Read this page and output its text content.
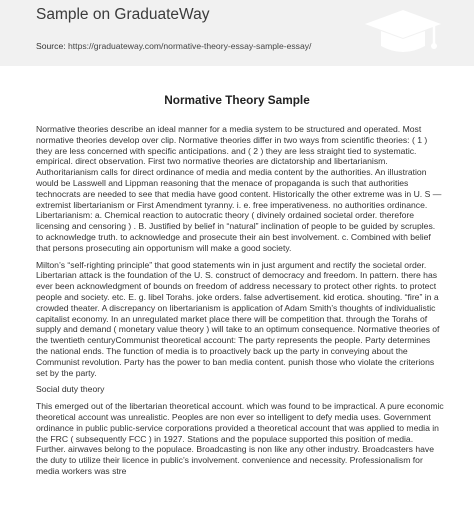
Sample on GraduateWay
Source: https://graduateway.com/normative-theory-essay-sample-essay/
Normative Theory Sample

Normative theories describe an ideal manner for a media system to be structured and operated. Most normative theories develop over clip. Normative theories differ in two ways from scientific theories: ( 1 ) they are less concerned with specific anticipations. and ( 2 ) they are less straight tied to systematic. empirical. direct observation. First two normative theories are dictatorship and libertarianism. Authoritarianism calls for direct ordinance of media and media content by the authorities. An illustration would be Lasswell and Lippman reasoning that the menace of propaganda is such that authorities technocrats are needed to see that media have good content. Historically the other extreme was in U. S — extremist libertarianism or First Amendment tyranny. i. e. free imperativeness. no authorities ordinance. Libertarianism: a. Chemical reaction to autocratic theory ( divinely ordained societal order. therefore licensing and censoring ) . B. Justified by belief in “natural” inclination of people to be guided by scruples. to acknowledge truth. to acknowledge and prosecute their ain best involvement. c. Combined with belief that persons prosecuting ain opportunism will make a good society.

Milton’s “self-righting principle” that good statements win in just argument and rectify the societal order. Libertarian attack is the foundation of the U. S. construct of democracy and freedom. In pattern. there has ever been acknowledgment of bounds on freedom of address necessary to protect other rights. to protect people and society. etc. E. g. libel Torahs. joke orders. false advertisement. kid erotica. shouting. “fire” in a crowded theater. A discrepancy on libertarianism is application of Adam Smith’s thoughts of individualistic capitalist economy. In an unregulated market place there will be competition that. through the Torahs of supply and demand ( monetary value theory ) will take to an optimum consequence. Normative theories of the twentieth centuryCommunist theoretical account: The party represents the people. Party determines the national ends. The function of media is to proactively back up the party in conveying about the Communist revolution. Party has the power to ban media content. punish those who violate the criterions set by the party.

Social duty theory

This emerged out of the libertarian theoretical account. which was found to be impractical. A pure economic theoretical account was unrealistic. Peoples are non ever so intelligent to defy media uses. Government ordinance in public public-service corporations provided a theoretical account that was applied to media in the FRC ( subsequently FCC ) in 1927. Stations and the populace supported this position of media. Further. airwaves belong to the populace. Broadcasting is non like any other industry. Broadcasters have the duty to utilize their licence in public’s involvement. convenience and necessity. Professionalism for media workers was stre
